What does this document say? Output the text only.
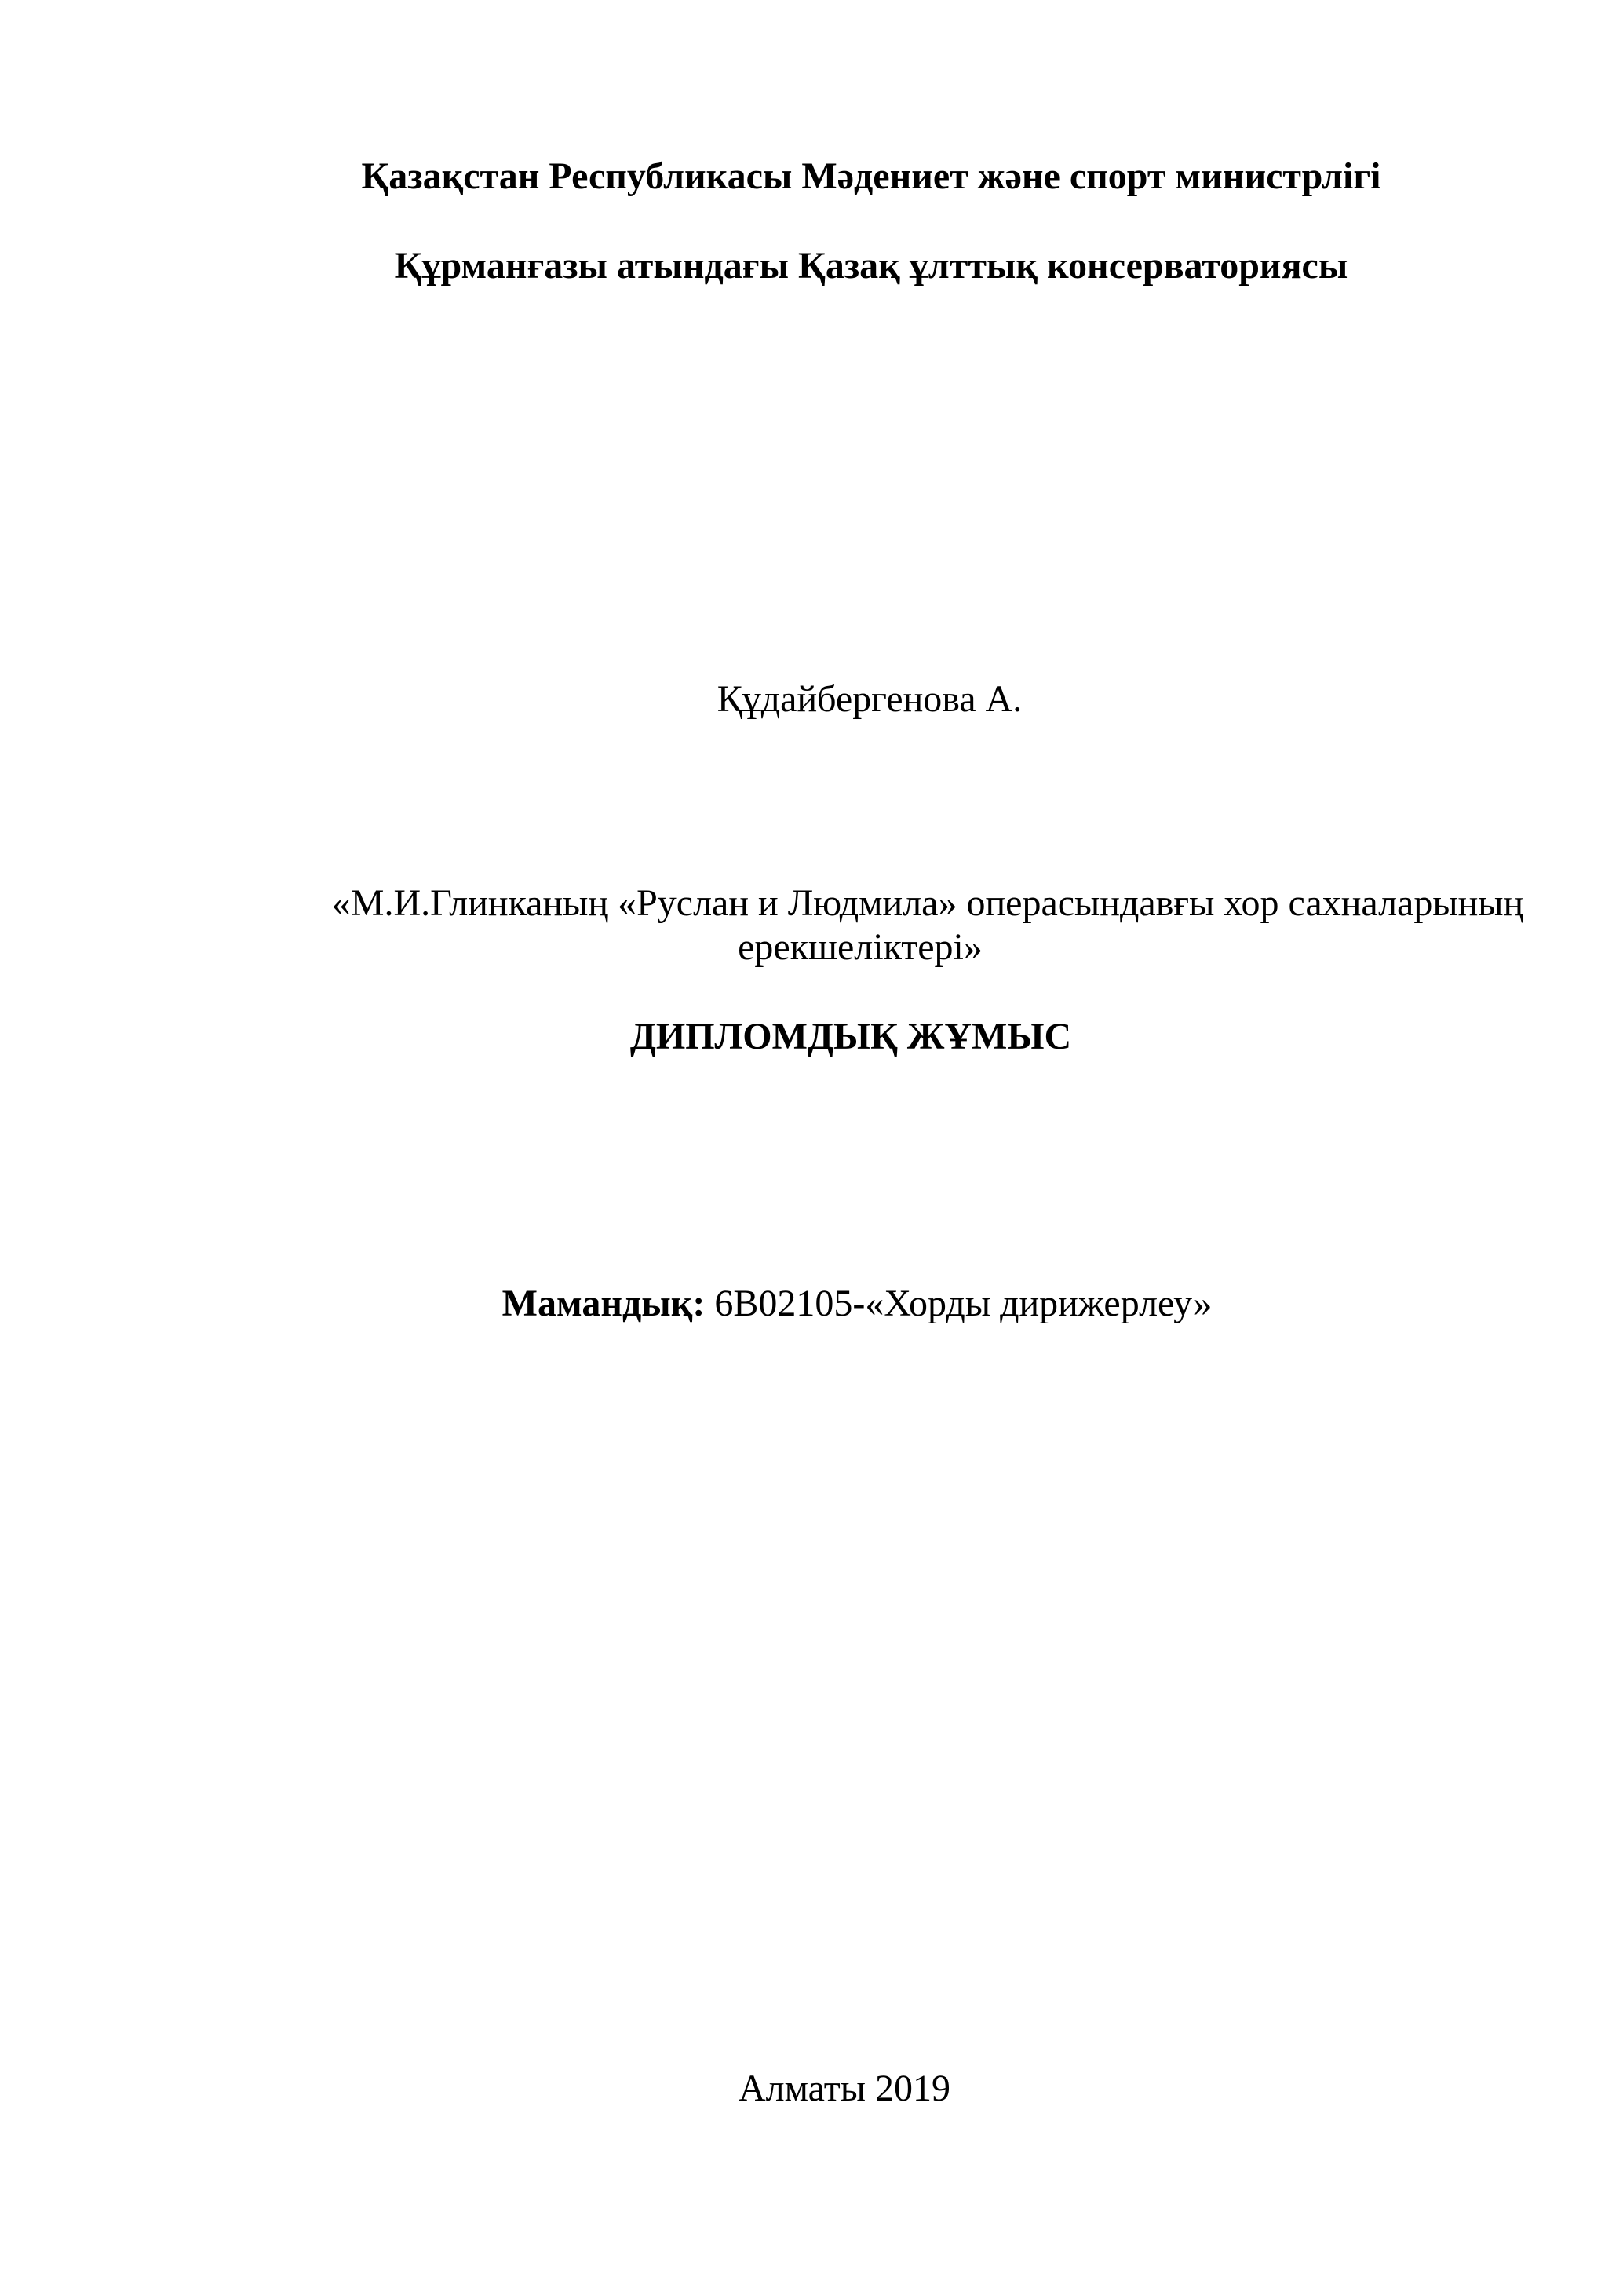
Қазақстан Республикасы Мәдениет және спорт министрлігі
Құрманғазы атындағы Қазақ ұлттық консерваториясы
Құдайбергенова А.
«М.И.Глинканың «Руслан и Людмила» операсындавғы хор сахналарының
ерекшеліктері»
ДИПЛОМДЫҚ ЖҰМЫС
Мамандық: 6В02105-«Хорды дирижерлеу»
Алматы 2019
